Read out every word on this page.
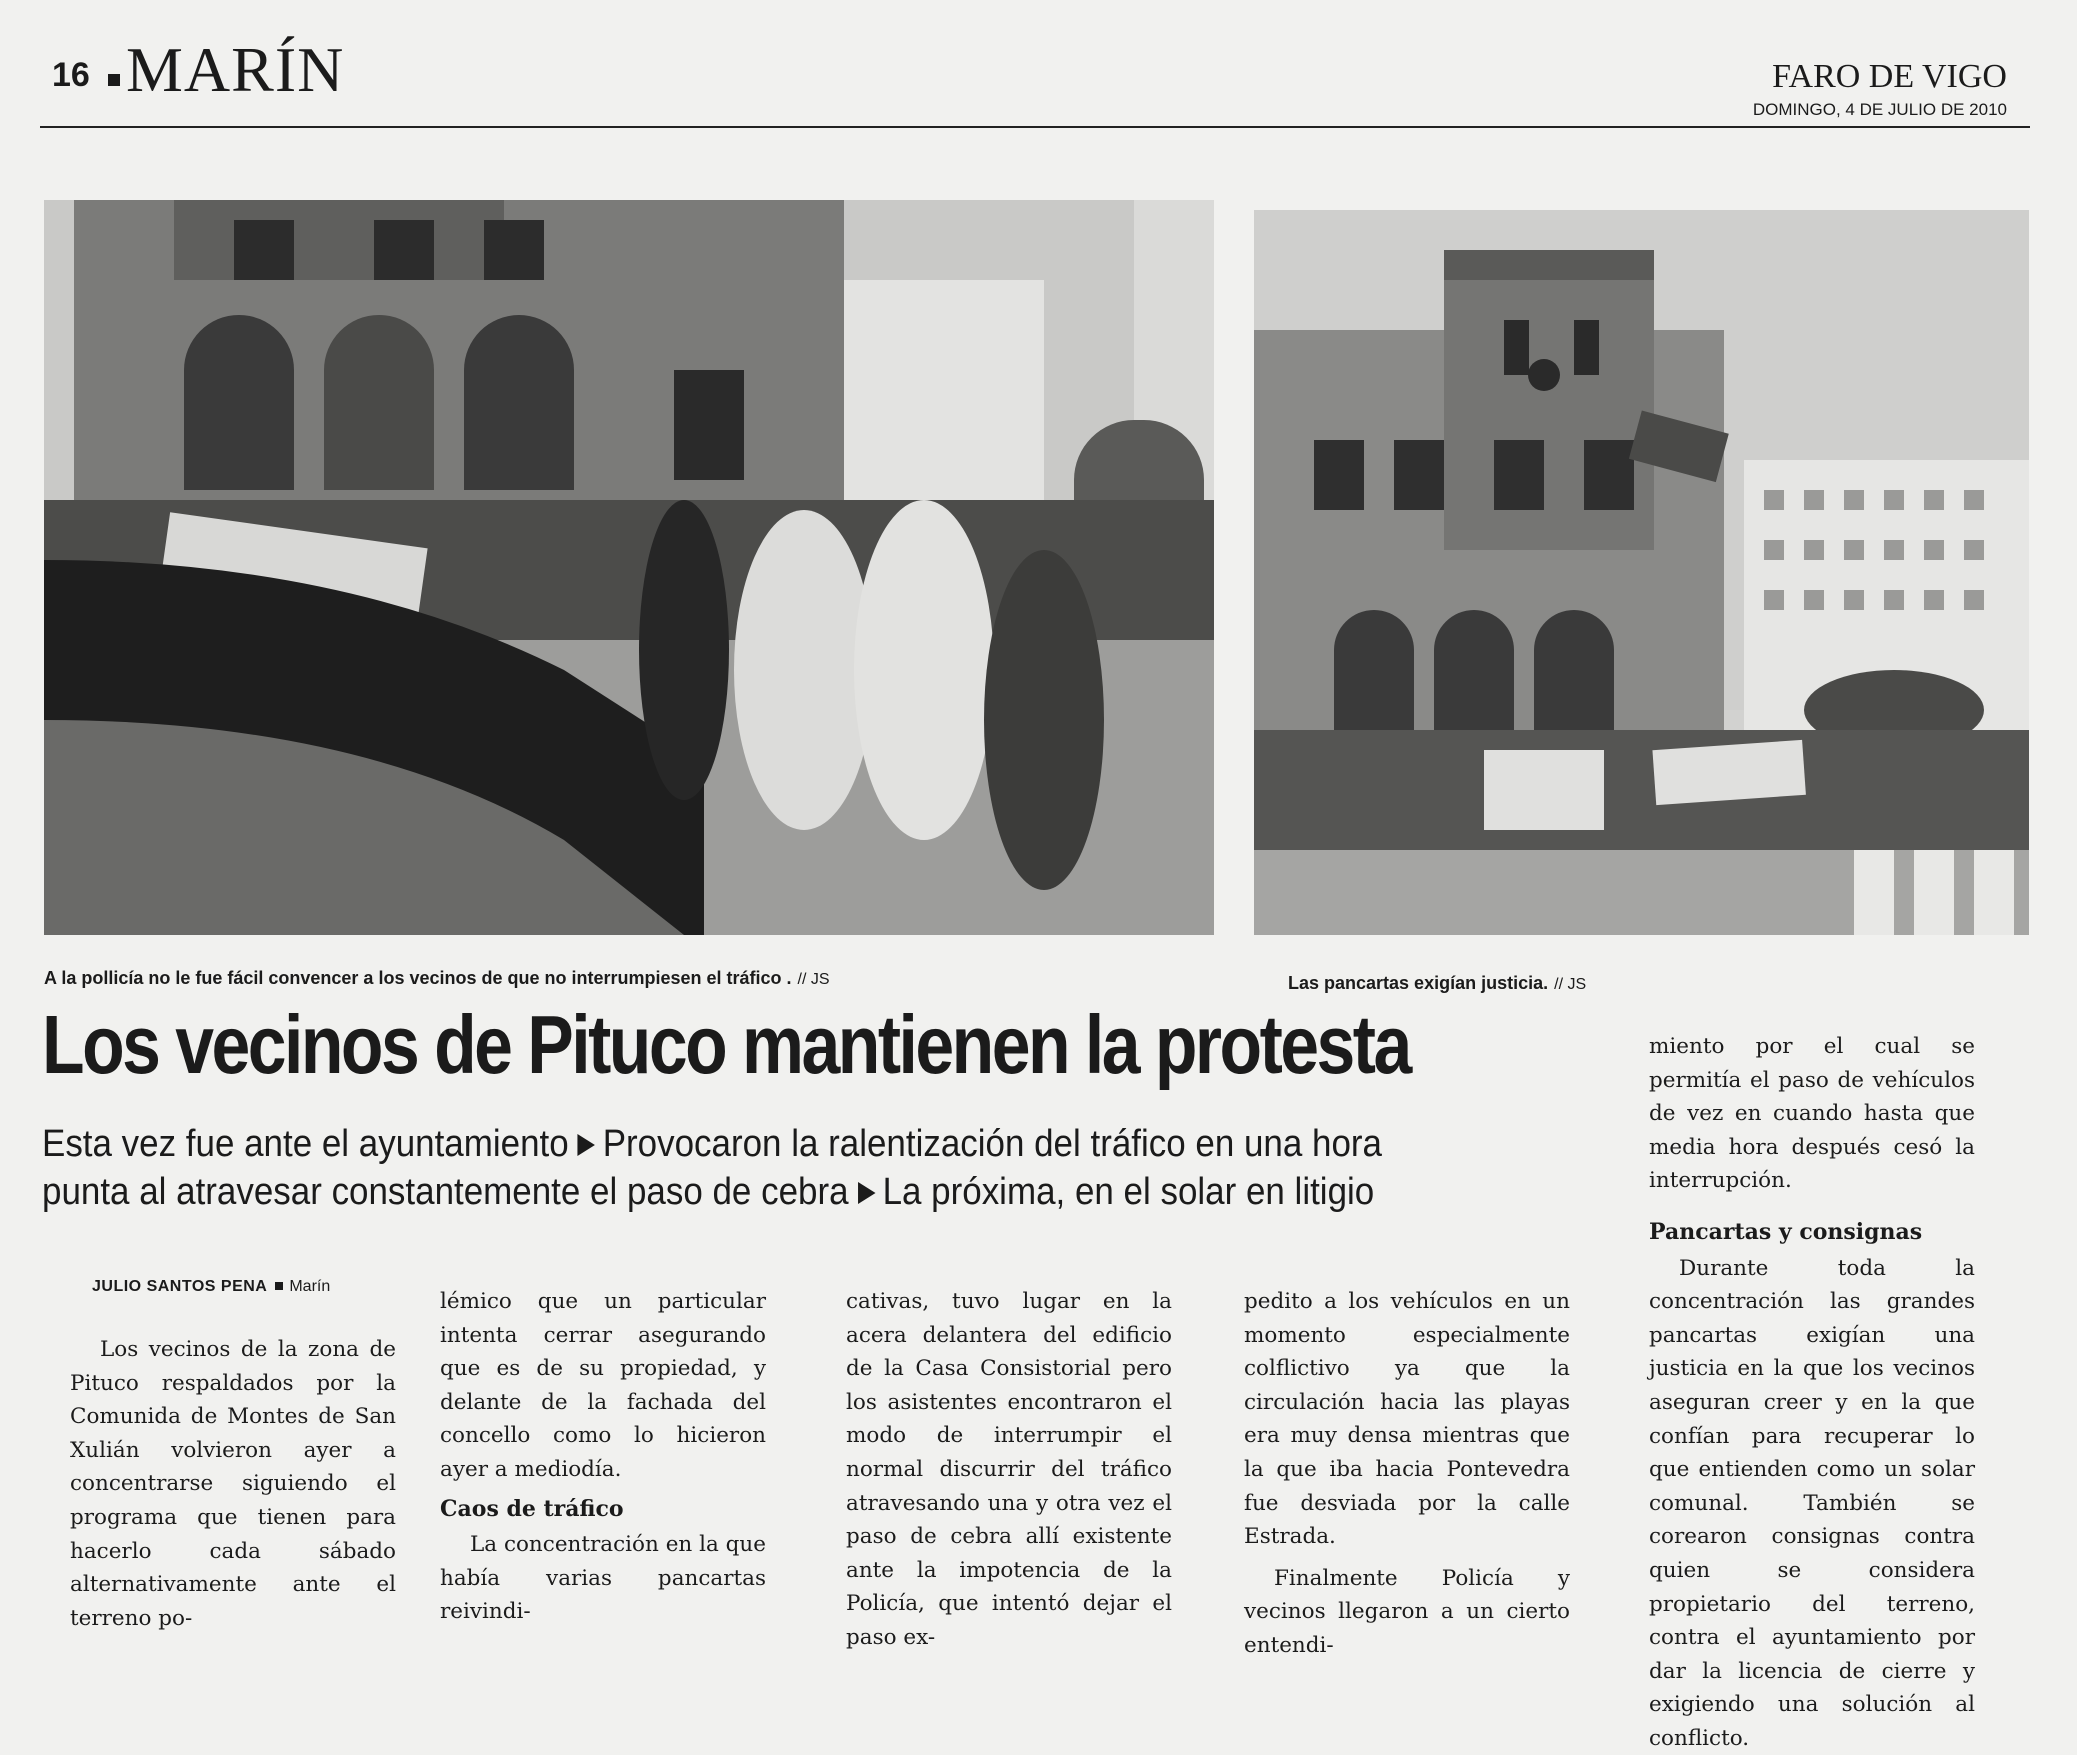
16 MARÍN	FARO DE VIGO
DOMINGO, 4 DE JULIO DE 2010
A la pollicía no le fue fácil convencer a los vecinos de que no interrumpiesen el tráfico . // JS	Las pancartas exigían justicia. // JS
Los vecinos de Pituco mantienen la protesta
Esta vez fue ante el ayuntamiento Provocaron la ralentización del tráfico en una hora
punta al atravesar constantemente el paso de cebra La próxima, en el solar en litigio
JULIO SANTOS PENA Marín

Los vecinos de la zona de Pituco respaldados por la Comunida de Montes de San Xulián volvieron ayer a concentrarse siguiendo el programa que tienen para hacerlo cada sábado alternativamente ante el terreno po-

lémico que un particular intenta cerrar asegurando que es de su propiedad, y delante de la fachada del concello como lo hicieron ayer a mediodía.

Caos de tráfico

La concentración en la que había varias pancartas reivindi-

cativas, tuvo lugar en la acera delantera del edificio de la Casa Consistorial pero los asistentes encontraron el modo de interrumpir el normal discurrir del tráfico atravesando una y otra vez el paso de cebra allí existente ante la impotencia de la Policía, que intentó dejar el paso ex-

pedito a los vehículos en un momento especialmente colflictivo ya que la circulación hacia las playas era muy densa mientras que la que iba hacia Pontevedra fue desviada por la calle Estrada.

Finalmente Policía y vecinos llegaron a un cierto entendi-

miento por el cual se permitía el paso de vehículos de vez en cuando hasta que media hora después cesó la interrupción.

Pancartas y consignas

Durante toda la concentración las grandes pancartas exigían una justicia en la que los vecinos aseguran creer y en la que confían para recuperar lo que entienden como un solar comunal. También se corearon consignas contra quien se considera propietario del terreno, contra el ayuntamiento por dar la licencia de cierre y exigiendo una solución al conflicto.
